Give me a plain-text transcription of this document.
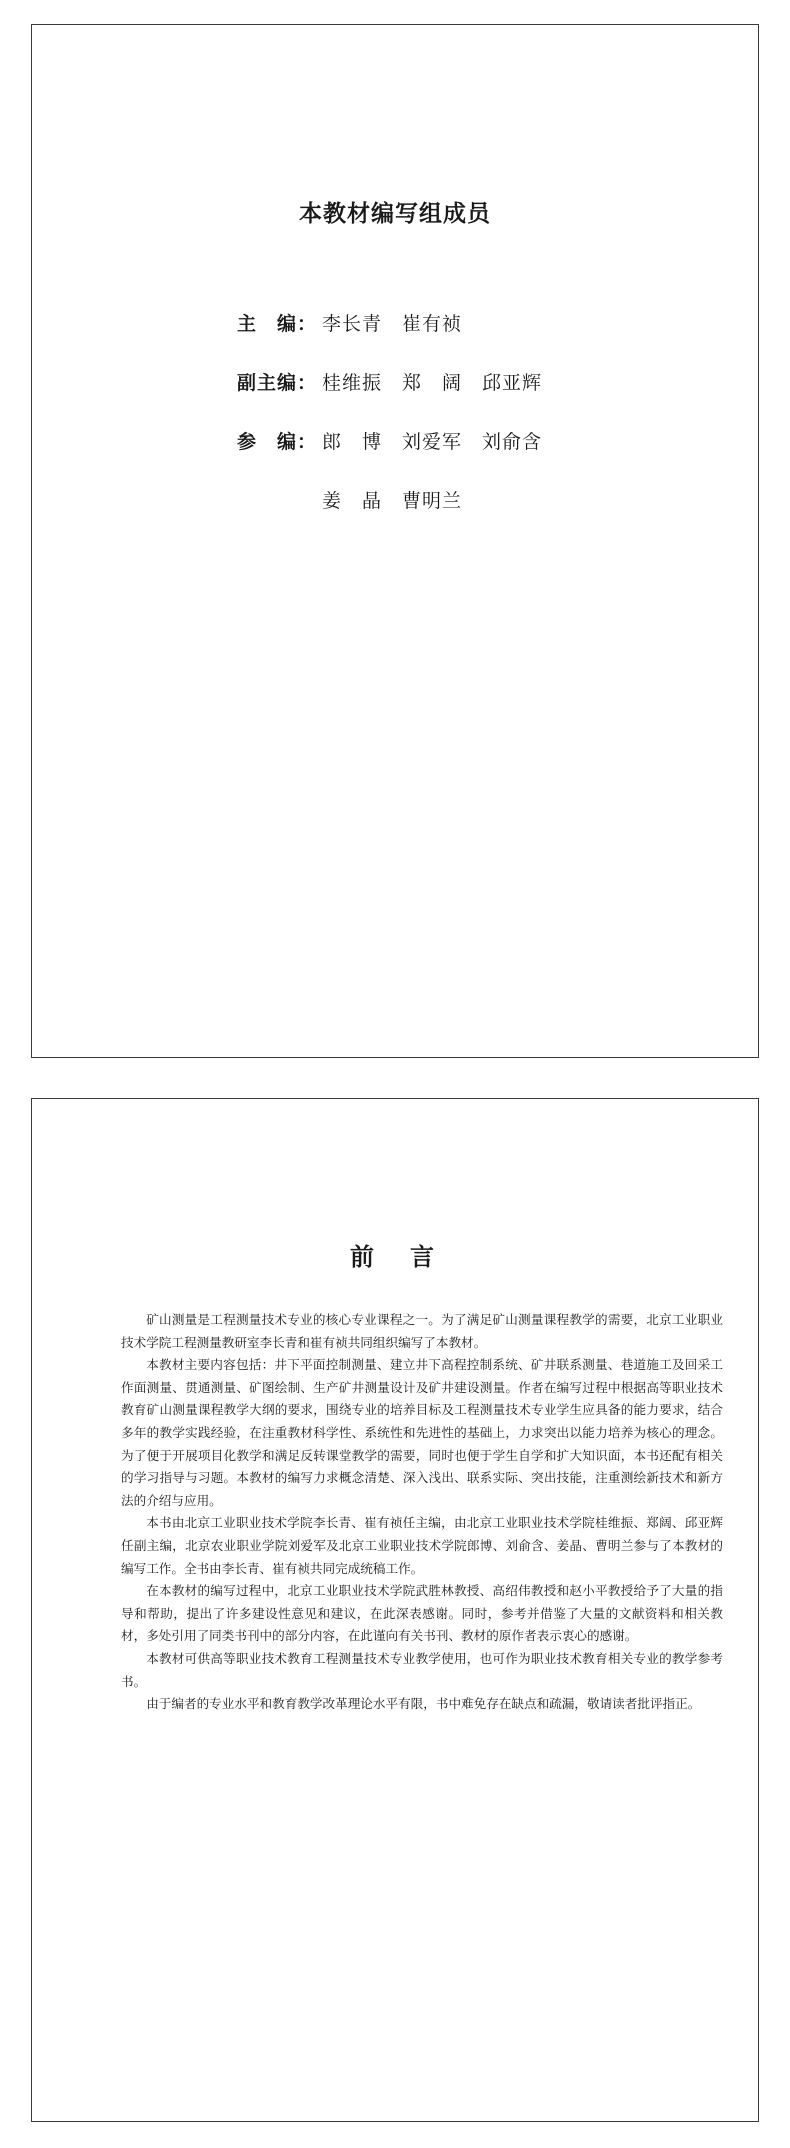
本教材编写组成员
主　编： 李长青　崔有祯
副主编： 桂维振　郑　阔　邱亚辉
参　编： 郎　博　刘爱军　刘俞含
姜　晶　曹明兰
前　言

矿山测量是工程测量技术专业的核心专业课程之一。为了满足矿山测量课程教学的需要，北京工业职业技术学院工程测量教研室李长青和崔有祯共同组织编写了本教材。

本教材主要内容包括：井下平面控制测量、建立井下高程控制系统、矿井联系测量、巷道施工及回采工作面测量、贯通测量、矿图绘制、生产矿井测量设计及矿井建设测量。作者在编写过程中根据高等职业技术教育矿山测量课程教学大纲的要求，围绕专业的培养目标及工程测量技术专业学生应具备的能力要求，结合多年的教学实践经验，在注重教材科学性、系统性和先进性的基础上，力求突出以能力培养为核心的理念。为了便于开展项目化教学和满足反转课堂教学的需要，同时也便于学生自学和扩大知识面，本书还配有相关的学习指导与习题。本教材的编写力求概念清楚、深入浅出、联系实际、突出技能，注重测绘新技术和新方法的介绍与应用。

本书由北京工业职业技术学院李长青、崔有祯任主编，由北京工业职业技术学院桂维振、郑阔、邱亚辉任副主编，北京农业职业学院刘爱军及北京工业职业技术学院郎博、刘俞含、姜晶、曹明兰参与了本教材的编写工作。全书由李长青、崔有祯共同完成统稿工作。

在本教材的编写过程中，北京工业职业技术学院武胜林教授、高绍伟教授和赵小平教授给予了大量的指导和帮助，提出了许多建设性意见和建议，在此深表感谢。同时，参考并借鉴了大量的文献资料和相关教材，多处引用了同类书刊中的部分内容，在此谨向有关书刊、教材的原作者表示衷心的感谢。

本教材可供高等职业技术教育工程测量技术专业教学使用，也可作为职业技术教育相关专业的教学参考书。

由于编者的专业水平和教育教学改革理论水平有限，书中难免存在缺点和疏漏，敬请读者批评指正。
